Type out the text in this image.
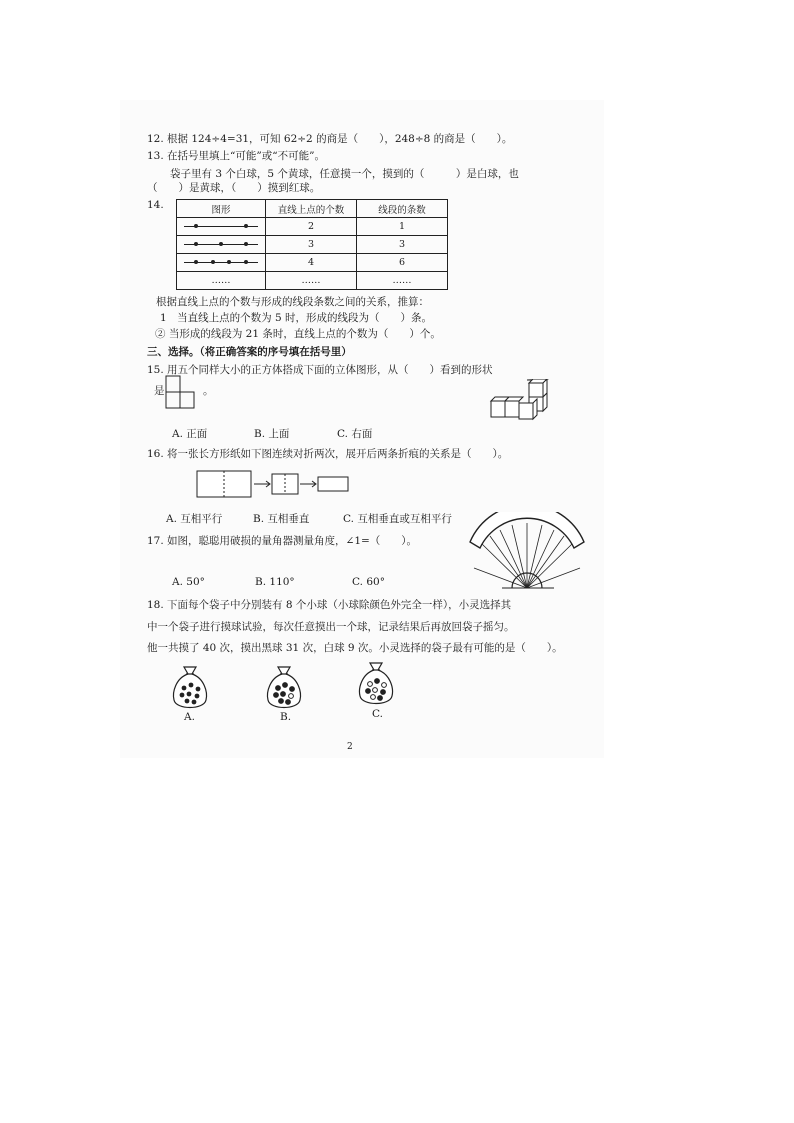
12. 根据 124÷4=31，可知 62÷2 的商是（　　），248÷8 的商是（　　）。
13. 在括号里填上“可能”或“不可能”。
袋子里有 3 个白球，5 个黄球，任意摸一个，摸到的（　　　）是白球，也
（　　）是黄球，（　　）摸到红球。
14.	图形	直线上点的个数	线段的条数

	2	1

	3	3

	4	6
……	……	……
根据直线上点的个数与形成的线段条数之间的关系，推算：
1　当直线上点的个数为 5 时，形成的线段为（　　）条。
② 当形成的线段为 21 条时，直线上点的个数为（　　）个。
三、选择。（将正确答案的序号填在括号里）
15. 用五个同样大小的正方体搭成下面的立体图形，从（　　）看到的形状
是	。
A. 正面	B. 上面	C. 右面
16. 将一张长方形纸如下图连续对折两次，展开后两条折痕的关系是（　　）。
A. 互相平行	B. 互相垂直	C. 互相垂直或互相平行
17. 如图，聪聪用破损的量角器测量角度，∠1=（　　）。
A. 50°	B. 110°	C. 60°
18. 下面每个袋子中分别装有 8 个小球（小球除颜色外完全一样），小灵选择其
中一个袋子进行摸球试验，每次任意摸出一个球，记录结果后再放回袋子摇匀。
他一共摸了 40 次，摸出黑球 31 次，白球 9 次。小灵选择的袋子最有可能的是（　　）。
A.	B.	C.
2
